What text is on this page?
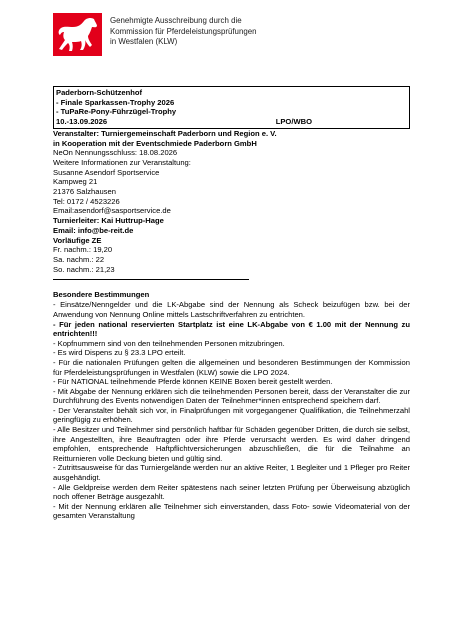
Genehmigte Ausschreibung durch die
Kommission für Pferdeleistungsprüfungen
in Westfalen (KLW)
Paderborn-Schützenhof
- Finale Sparkassen-Trophy 2026
- TuPaRe-Pony-Führzügel-Trophy
10.-13.09.2026	LPO/WBO
Veranstalter: Turniergemeinschaft Paderborn und Region e. V.
in Kooperation mit der Eventschmiede Paderborn GmbH
NeOn Nennungsschluss: 18.08.2026
Weitere Informationen zur Veranstaltung:
Susanne Asendorf Sportservice
Kampweg 21
21376 Salzhausen
Tel: 0172 / 4523226
Email:asendorf@sasportservice.de
Turnierleiter: Kai Huttrup-Hage
Email: info@be-reit.de
Vorläufige ZE
Fr. nachm.: 19,20
Sa. nachm.: 22
So. nachm.: 21,23
Besondere Bestimmungen
- Einsätze/Nenngelder und die LK-Abgabe sind der Nennung als Scheck beizufügen bzw. bei der Anwendung von Nennung Online mittels Lastschriftverfahren zu entrichten.
- Für jeden national reservierten Startplatz ist eine LK-Abgabe von € 1.00 mit der Nennung zu entrichten!!!
- Kopfnummern sind von den teilnehmenden Personen mitzubringen.
- Es wird Dispens zu § 23.3 LPO erteilt.
- Für die nationalen Prüfungen gelten die allgemeinen und besonderen Bestimmungen der Kommission für Pferdeleistungsprüfungen in Westfalen (KLW) sowie die LPO 2024.
- Für NATIONAL teilnehmende Pferde können KEINE Boxen bereit gestellt werden.
- Mit Abgabe der Nennung erklären sich die teilnehmenden Personen bereit, dass der Veranstalter die zur Durchführung des Events notwendigen Daten der Teilnehmer*innen entsprechend speichern darf.
- Der Veranstalter behält sich vor, in Finalprüfungen mit vorgegangener Qualifikation, die Teilnehmerzahl geringfügig zu erhöhen.
- Alle Besitzer und Teilnehmer sind persönlich haftbar für Schäden gegenüber Dritten, die durch sie selbst, ihre Angestellten, ihre Beauftragten oder ihre Pferde verursacht werden. Es wird daher dringend empfohlen, entsprechende Haftpflichtversicherungen abzuschließen, die für die Teilnahme an Reitturnieren volle Deckung bieten und gültig sind.
- Zutrittsausweise für das Turniergelände werden nur an aktive Reiter, 1 Begleiter und 1 Pfleger pro Reiter ausgehändigt.
- Alle Geldpreise werden dem Reiter spätestens nach seiner letzten Prüfung per Überweisung abzüglich noch offener Beträge ausgezahlt.
- Mit der Nennung erklären alle Teilnehmer sich einverstanden, dass Foto- sowie Videomaterial von der gesamten Veranstaltung
